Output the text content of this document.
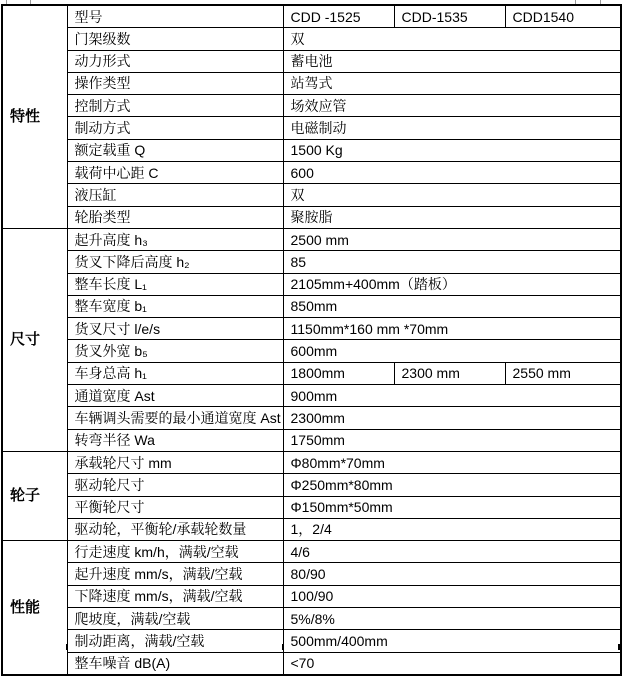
特性	型号	CDD -1525	CDD-1535	CDD1540
	门架级数	双		
	动力形式	蓄电池		
	操作类型	站驾式		
	控制方式	场效应管		
	制动方式	电磁制动		
	额定载重 Q	1500 Kg		
	载荷中心距 C	600		
	液压缸	双		
	轮胎类型	聚胺脂		
尺寸	起升高度 h₃	2500 mm		
	货叉下降后高度 h₂	85		
	整车长度 L₁	2105mm+400mm（踏板）		
	整车宽度 b₁	850mm		
	货叉尺寸 l/e/s	1150mm*160 mm *70mm		
	货叉外宽 b₅	600mm		
	车身总高 h₁	1800mm	2300 mm	2550 mm
	通道宽度 Ast	900mm		
	车辆调头需要的最小通道宽度 Ast	2300mm		
	转弯半径 Wa	1750mm		
轮子	承载轮尺寸 mm	Φ80mm*70mm		
	驱动轮尺寸	Φ250mm*80mm		
	平衡轮尺寸	Φ150mm*50mm		
	驱动轮，平衡轮/承载轮数量	1，2/4		
性能	行走速度 km/h，满载/空载	4/6		
	起升速度 mm/s，满载/空载	80/90		
	下降速度 mm/s，满载/空载	100/90		
	爬坡度，满载/空载	5%/8%		
	制动距离，满载/空载	500mm/400mm		
	整车噪音 dB(A)	<70		
